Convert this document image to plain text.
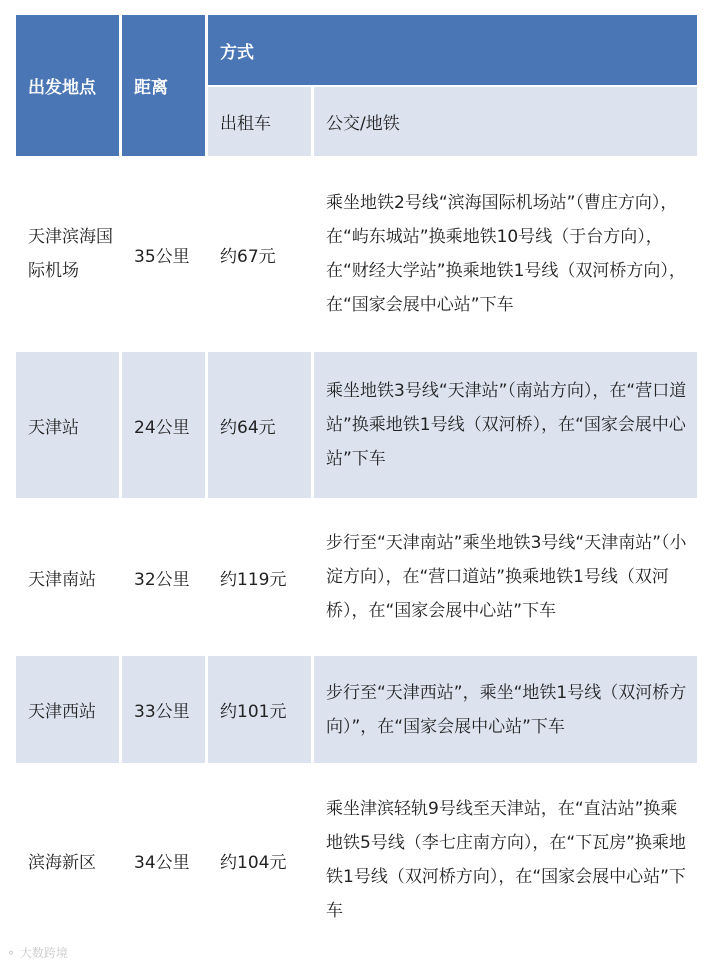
出发地点	距离	方式	
		出租车	公交/地铁
天津滨海国际机场	35公里	约67元	乘坐地铁2号线“滨海国际机场站”（曹庄方向），在“屿东城站”换乘地铁10号线（于台方向），在“财经大学站”换乘地铁1号线（双河桥方向），在“国家会展中心站”下车
天津站	24公里	约64元	乘坐地铁3号线“天津站”（南站方向），在“营口道站”换乘地铁1号线（双河桥），在“国家会展中心站”下车
天津南站	32公里	约119元	步行至“天津南站”乘坐地铁3号线“天津南站”（小淀方向），在“营口道站”换乘地铁1号线（双河桥），在“国家会展中心站”下车
天津西站	33公里	约101元	步行至“天津西站”，乘坐“地铁1号线（双河桥方向）”，在“国家会展中心站”下车
滨海新区	34公里	约104元	乘坐津滨轻轨9号线至天津站，在“直沽站”换乘地铁5号线（李七庄南方向），在“下瓦房”换乘地铁1号线（双河桥方向），在“国家会展中心站”下车
⚬ 大数跨境
